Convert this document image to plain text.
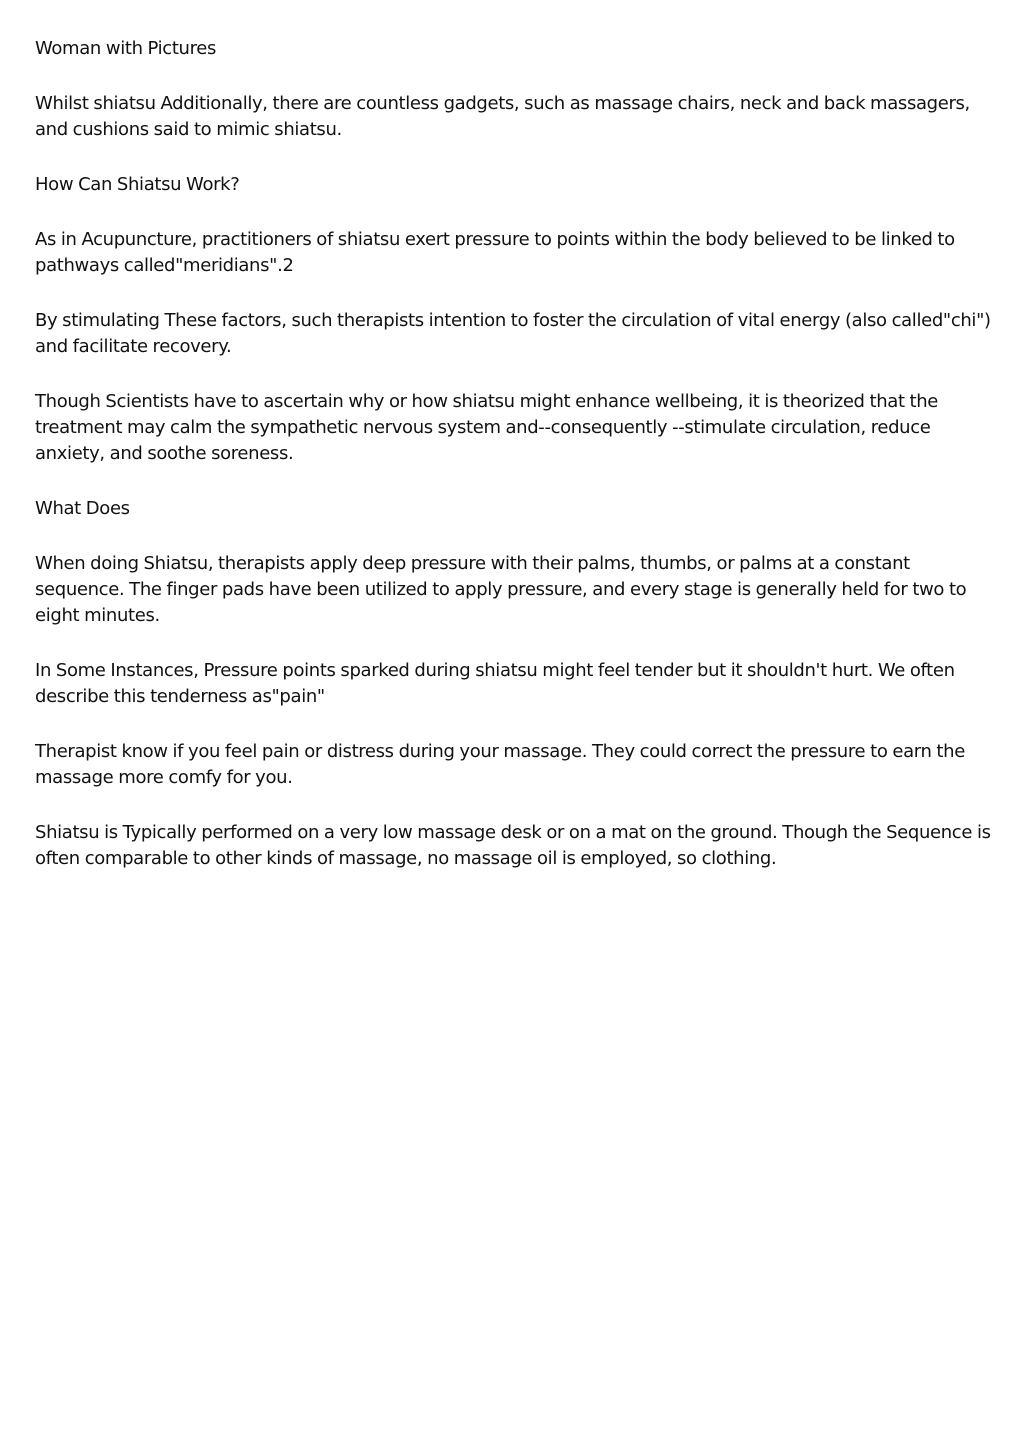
Woman with Pictures

Whilst shiatsu Additionally, there are countless gadgets, such as massage chairs, neck and back massagers, and cushions said to mimic shiatsu.

How Can Shiatsu Work?

As in Acupuncture, practitioners of shiatsu exert pressure to points within the body believed to be linked to pathways called"meridians".2

By stimulating These factors, such therapists intention to foster the circulation of vital energy (also called"chi") and facilitate recovery.

Though Scientists have to ascertain why or how shiatsu might enhance wellbeing, it is theorized that the treatment may calm the sympathetic nervous system and--consequently --stimulate circulation, reduce anxiety, and soothe soreness.

What Does

When doing Shiatsu, therapists apply deep pressure with their palms, thumbs, or palms at a constant sequence. The finger pads have been utilized to apply pressure, and every stage is generally held for two to eight minutes.

In Some Instances, Pressure points sparked during shiatsu might feel tender but it shouldn't hurt. We often describe this tenderness as"pain"

Therapist know if you feel pain or distress during your massage. They could correct the pressure to earn the massage more comfy for you.

Shiatsu is Typically performed on a very low massage desk or on a mat on the ground. Though the Sequence is often comparable to other kinds of massage, no massage oil is employed, so clothing.
